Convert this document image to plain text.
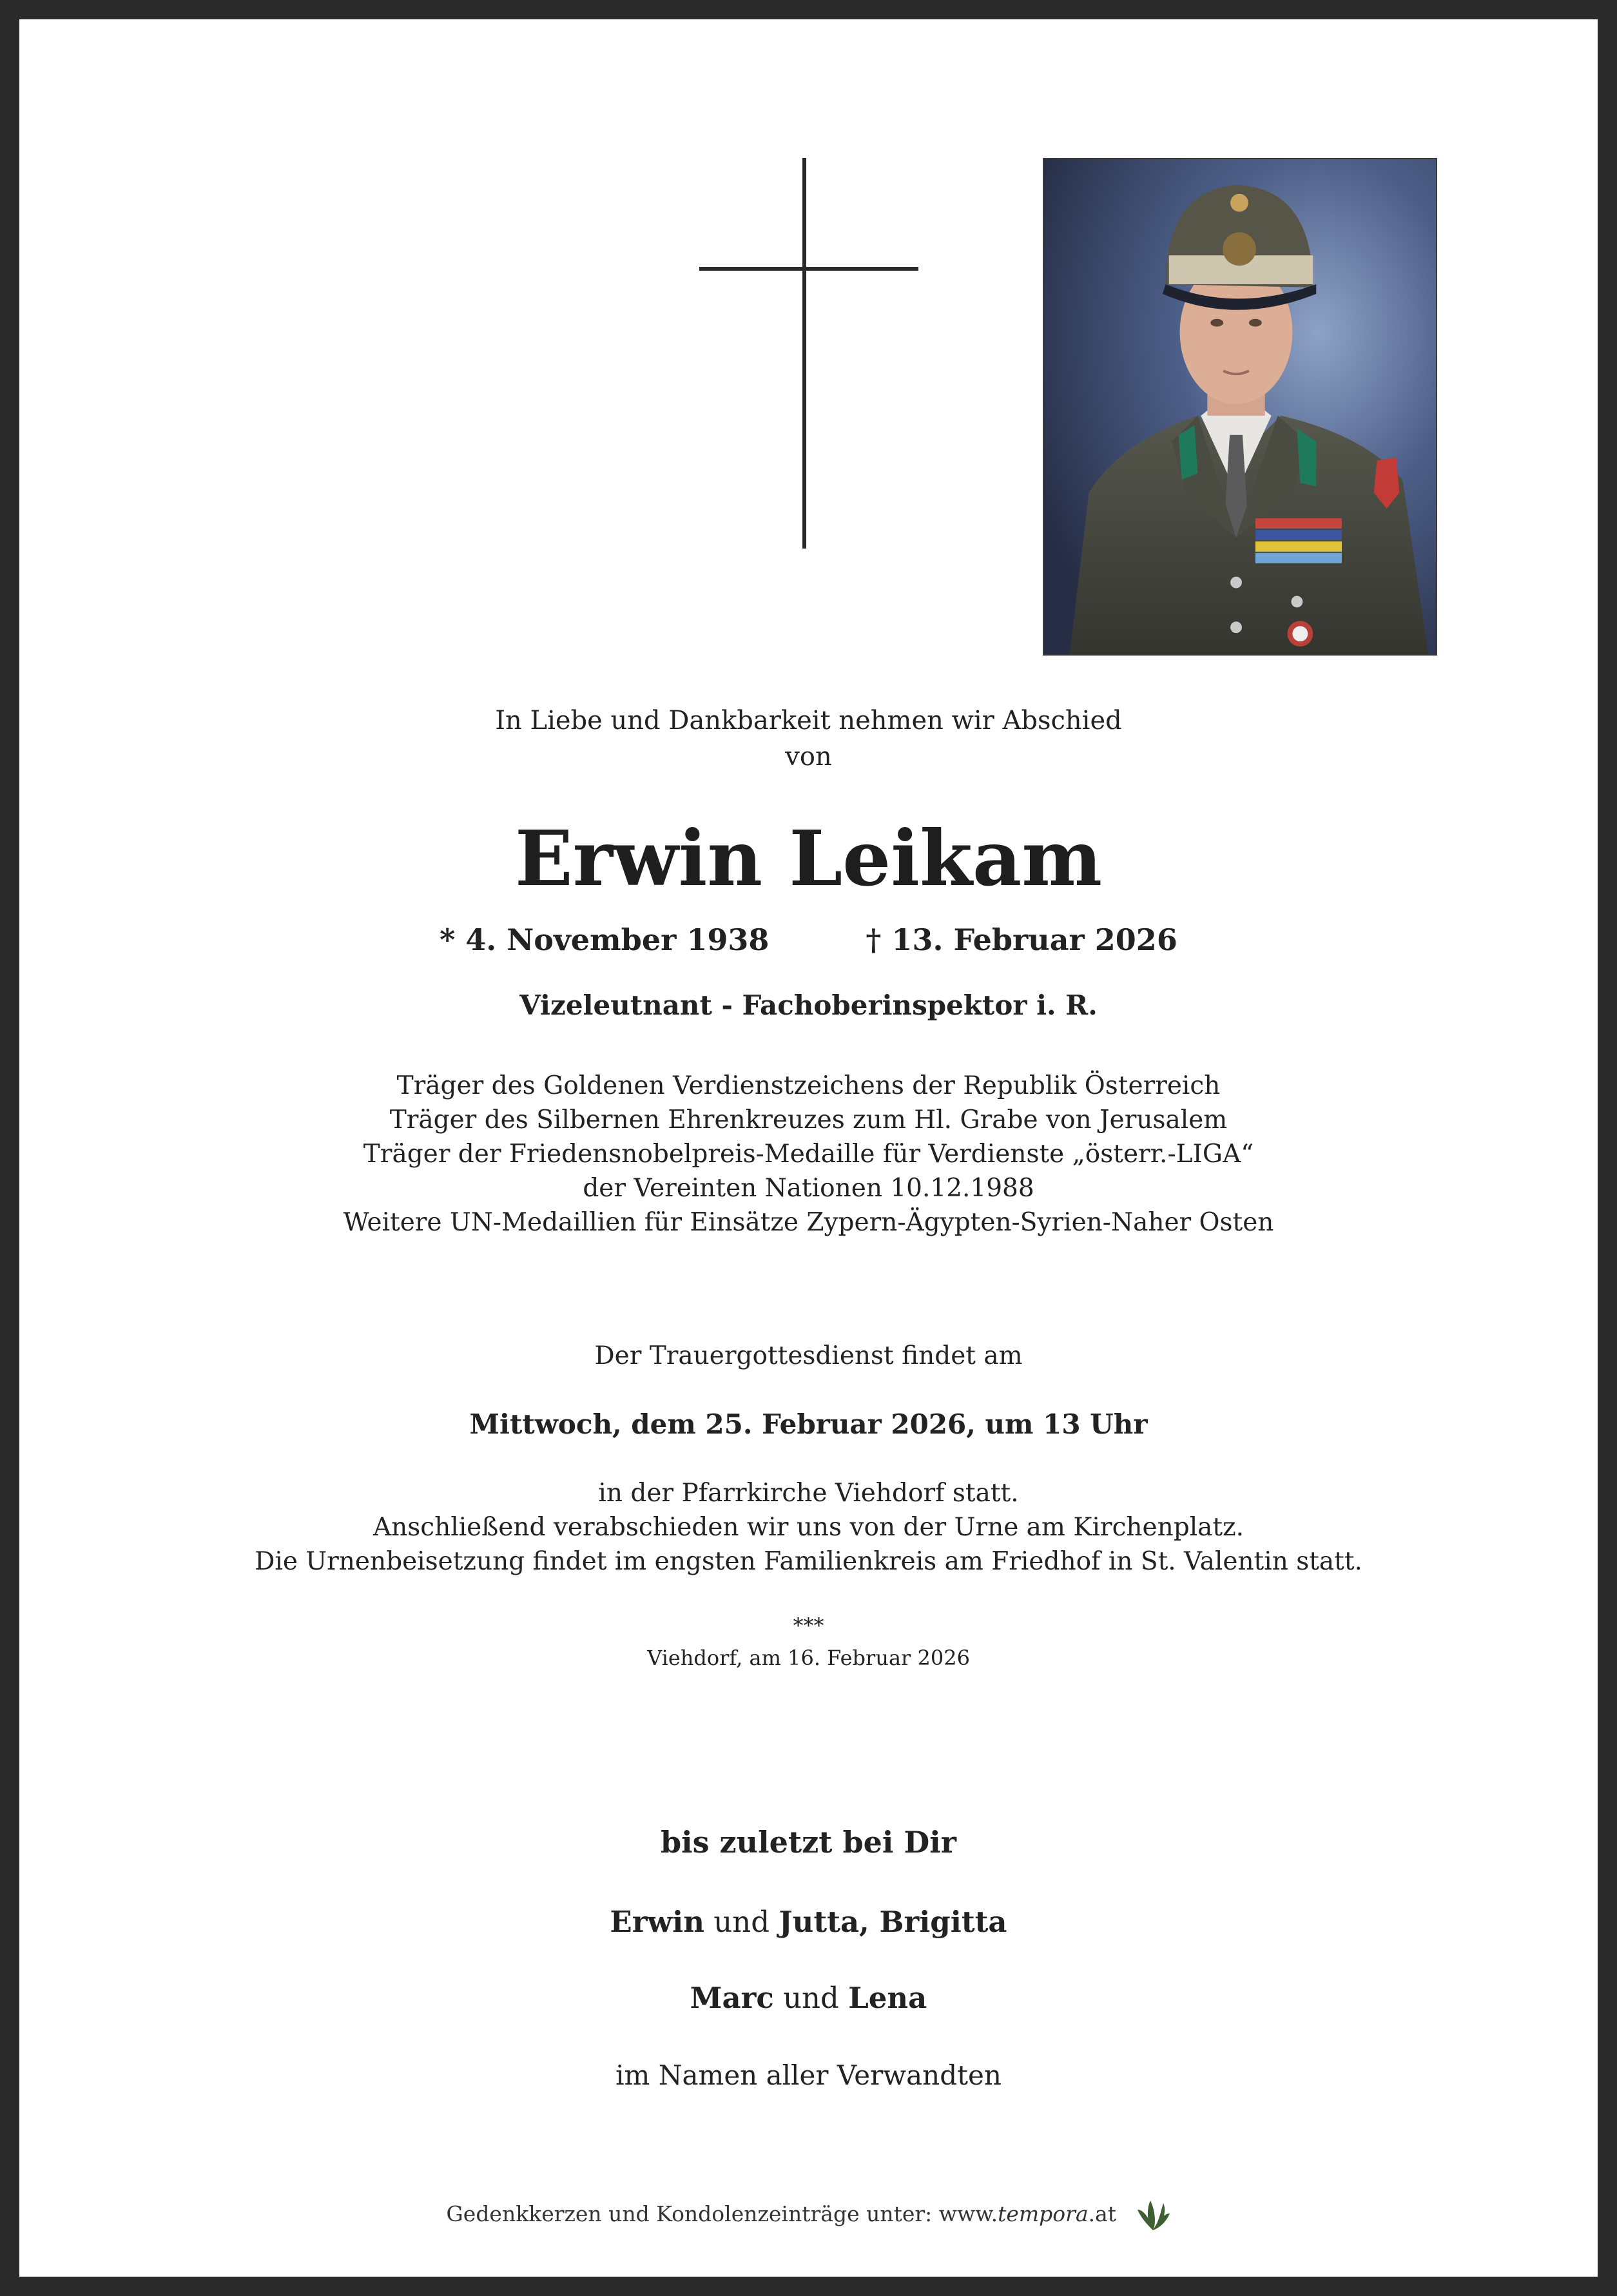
In Liebe und Dankbarkeit nehmen wir Abschied
von
Erwin Leikam
* 4. November 1938	† 13. Februar 2026
Vizeleutnant - Fachoberinspektor i. R.
Träger des Goldenen Verdienstzeichens der Republik Österreich
Träger des Silbernen Ehrenkreuzes zum Hl. Grabe von Jerusalem
Träger der Friedensnobelpreis-Medaille für Verdienste „österr.-LIGA“
der Vereinten Nationen 10.12.1988
Weitere UN-Medaillien für Einsätze Zypern-Ägypten-Syrien-Naher Osten
Der Trauergottesdienst findet am
Mittwoch, dem 25. Februar 2026, um 13 Uhr
in der Pfarrkirche Viehdorf statt.
Anschließend verabschieden wir uns von der Urne am Kirchenplatz.
Die Urnenbeisetzung findet im engsten Familienkreis am Friedhof in St. Valentin statt.
***
Viehdorf, am 16. Februar 2026
bis zuletzt bei Dir
Erwin und Jutta, Brigitta
Marc und Lena
im Namen aller Verwandten
Gedenkkerzen und Kondolenzeinträge unter: www.tempora.at
